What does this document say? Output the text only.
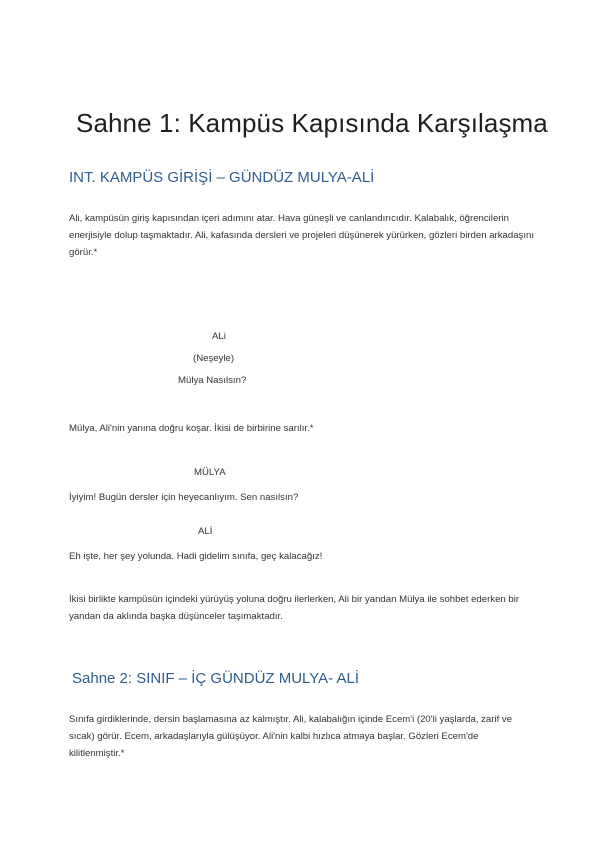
Sahne 1: Kampüs Kapısında Karşılaşma
INT. KAMPÜS GİRİŞİ – GÜNDÜZ MULYA-ALİ
Ali, kampüsün giriş kapısından içeri adımını atar. Hava güneşli ve canlandırıcıdır. Kalabalık, öğrencilerin enerjisiyle dolup taşmaktadır. Ali, kafasında dersleri ve projeleri düşünerek yürürken, gözleri birden arkadaşını görür.*
ALi
(Neşeyle)
Mülya Nasılsın?
Mülya, Ali'nin yanına doğru koşar. İkisi de birbirine sarılır.*
MÜLYA
İyiyim! Bugün dersler için heyecanlıyım. Sen nasılsın?
ALİ
Eh işte, her şey yolunda. Hadi gidelim sınıfa, geç kalacağız!
İkisi birlikte kampüsün içindeki yürüyüş yoluna doğru ilerlerken, Ali bir yandan Mülya ile sohbet ederken bir yandan da aklında başka düşünceler taşımaktadır.
Sahne 2: SINIF – İÇ GÜNDÜZ MULYA- ALİ
Sınıfa girdiklerinde, dersin başlamasına az kalmıştır. Ali, kalabalığın içinde Ecem'i (20'li yaşlarda, zarif ve sıcak) görür. Ecem, arkadaşlarıyla gülüşüyor. Ali'nin kalbi hızlıca atmaya başlar. Gözleri Ecem'de kilitlenmiştir.*
